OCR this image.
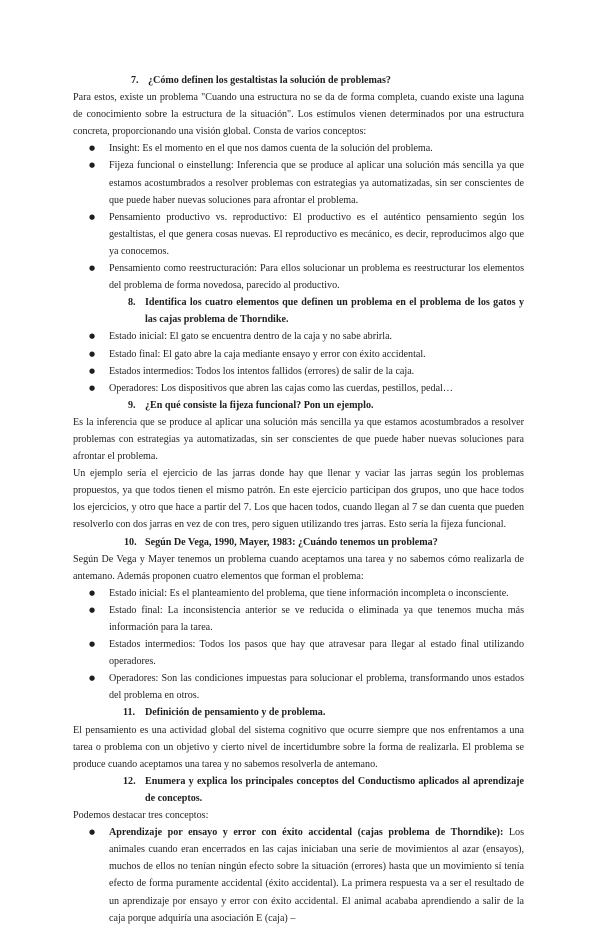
7. ¿Cómo definen los gestaltistas la solución de problemas?

Para estos, existe un problema "Cuando una estructura no se da de forma completa, cuando existe una laguna de conocimiento sobre la estructura de la situación". Los estímulos vienen determinados por una estructura concreta, proporcionando una visión global. Consta de varios conceptos:

● Insight: Es el momento en el que nos damos cuenta de la solución del problema.
● Fijeza funcional o einstellung: Inferencia que se produce al aplicar una solución más sencilla ya que estamos acostumbrados a resolver problemas con estrategias ya automatizadas, sin ser conscientes de que puede haber nuevas soluciones para afrontar el problema.
● Pensamiento productivo vs. reproductivo: El productivo es el auténtico pensamiento según los gestaltistas, el que genera cosas nuevas. El reproductivo es mecánico, es decir, reproducimos algo que ya conocemos.
● Pensamiento como reestructuración: Para ellos solucionar un problema es reestructurar los elementos del problema de forma novedosa, parecido al productivo.
8. Identifica los cuatro elementos que definen un problema en el problema de los gatos y las cajas problema de Thorndike.
● Estado inicial: El gato se encuentra dentro de la caja y no sabe abrirla.
● Estado final: El gato abre la caja mediante ensayo y error con éxito accidental.
● Estados intermedios: Todos los intentos fallidos (errores) de salir de la caja.
● Operadores: Los dispositivos que abren las cajas como las cuerdas, pestillos, pedal…
9. ¿En qué consiste la fijeza funcional? Pon un ejemplo.

Es la inferencia que se produce al aplicar una solución más sencilla ya que estamos acostumbrados a resolver problemas con estrategias ya automatizadas, sin ser conscientes de que puede haber nuevas soluciones para afrontar el problema.

Un ejemplo sería el ejercicio de las jarras donde hay que llenar y vaciar las jarras según los problemas propuestos, ya que todos tienen el mismo patrón. En este ejercicio participan dos grupos, uno que hace todos los ejercicios, y otro que hace a partir del 7. Los que hacen todos, cuando llegan al 7 se dan cuenta que pueden resolverlo con dos jarras en vez de con tres, pero siguen utilizando tres jarras. Esto sería la fijeza funcional.

10. Según De Vega, 1990, Mayer, 1983: ¿Cuándo tenemos un problema?

Según De Vega y Mayer tenemos un problema cuando aceptamos una tarea y no sabemos cómo realizarla de antemano. Además proponen cuatro elementos que forman el problema:

● Estado inicial: Es el planteamiento del problema, que tiene información incompleta o inconsciente.
● Estado final: La inconsistencia anterior se ve reducida o eliminada ya que tenemos mucha más información para la tarea.
● Estados intermedios: Todos los pasos que hay que atravesar para llegar al estado final utilizando operadores.
● Operadores: Son las condiciones impuestas para solucionar el problema, transformando unos estados del problema en otros.
11. Definición de pensamiento y de problema.

El pensamiento es una actividad global del sistema cognitivo que ocurre siempre que nos enfrentamos a una tarea o problema con un objetivo y cierto nivel de incertidumbre sobre la forma de realizarla. El problema se produce cuando aceptamos una tarea y no sabemos resolverla de antemano.

12. Enumera y explica los principales conceptos del Conductismo aplicados al aprendizaje de conceptos.

Podemos destacar tres conceptos:

● Aprendizaje por ensayo y error con éxito accidental (cajas problema de Thorndike): Los animales cuando eran encerrados en las cajas iniciaban una serie de movimientos al azar (ensayos), muchos de ellos no tenían ningún efecto sobre la situación (errores) hasta que un movimiento sí tenía efecto de forma puramente accidental (éxito accidental). La primera respuesta va a ser el resultado de un aprendizaje por ensayo y error con éxito accidental. El animal acababa aprendiendo a salir de la caja porque adquiría una asociación E (caja) –
